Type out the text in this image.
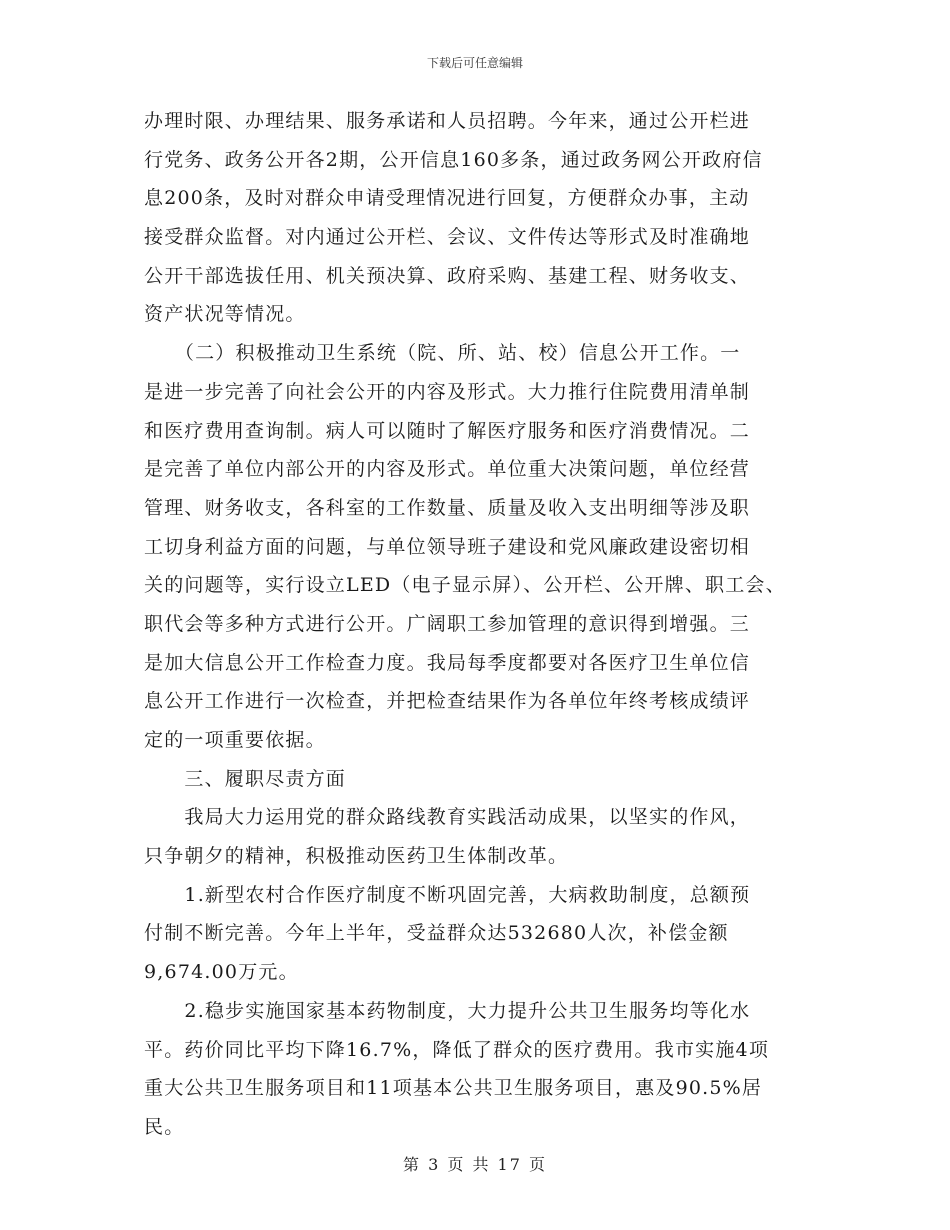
下载后可任意编辑
办理时限、办理结果、服务承诺和人员招聘。今年来，通过公开栏进
行党务、政务公开各2期，公开信息160多条，通过政务网公开政府信
息200条，及时对群众申请受理情况进行回复，方便群众办事，主动
接受群众监督。对内通过公开栏、会议、文件传达等形式及时准确地
公开干部选拔任用、机关预决算、政府采购、基建工程、财务收支、
资产状况等情况。
　　（二）积极推动卫生系统（院、所、站、校）信息公开工作。一
是进一步完善了向社会公开的内容及形式。大力推行住院费用清单制
和医疗费用查询制。病人可以随时了解医疗服务和医疗消费情况。二
是完善了单位内部公开的内容及形式。单位重大决策问题，单位经营
管理、财务收支，各科室的工作数量、质量及收入支出明细等涉及职
工切身利益方面的问题，与单位领导班子建设和党风廉政建设密切相
关的问题等，实行设立LED（电子显示屏）、公开栏、公开牌、职工会、
职代会等多种方式进行公开。广阔职工参加管理的意识得到增强。三
是加大信息公开工作检查力度。我局每季度都要对各医疗卫生单位信
息公开工作进行一次检查，并把检查结果作为各单位年终考核成绩评
定的一项重要依据。
　　三、履职尽责方面
　　我局大力运用党的群众路线教育实践活动成果，以坚实的作风，
只争朝夕的精神，积极推动医药卫生体制改革。
　　1.新型农村合作医疗制度不断巩固完善，大病救助制度，总额预
付制不断完善。今年上半年，受益群众达532680人次，补偿金额
9,674.00万元。
　　2.稳步实施国家基本药物制度，大力提升公共卫生服务均等化水
平。药价同比平均下降16.7%，降低了群众的医疗费用。我市实施4项
重大公共卫生服务项目和11项基本公共卫生服务项目，惠及90.5%居
民。
第 3 页 共 17 页
